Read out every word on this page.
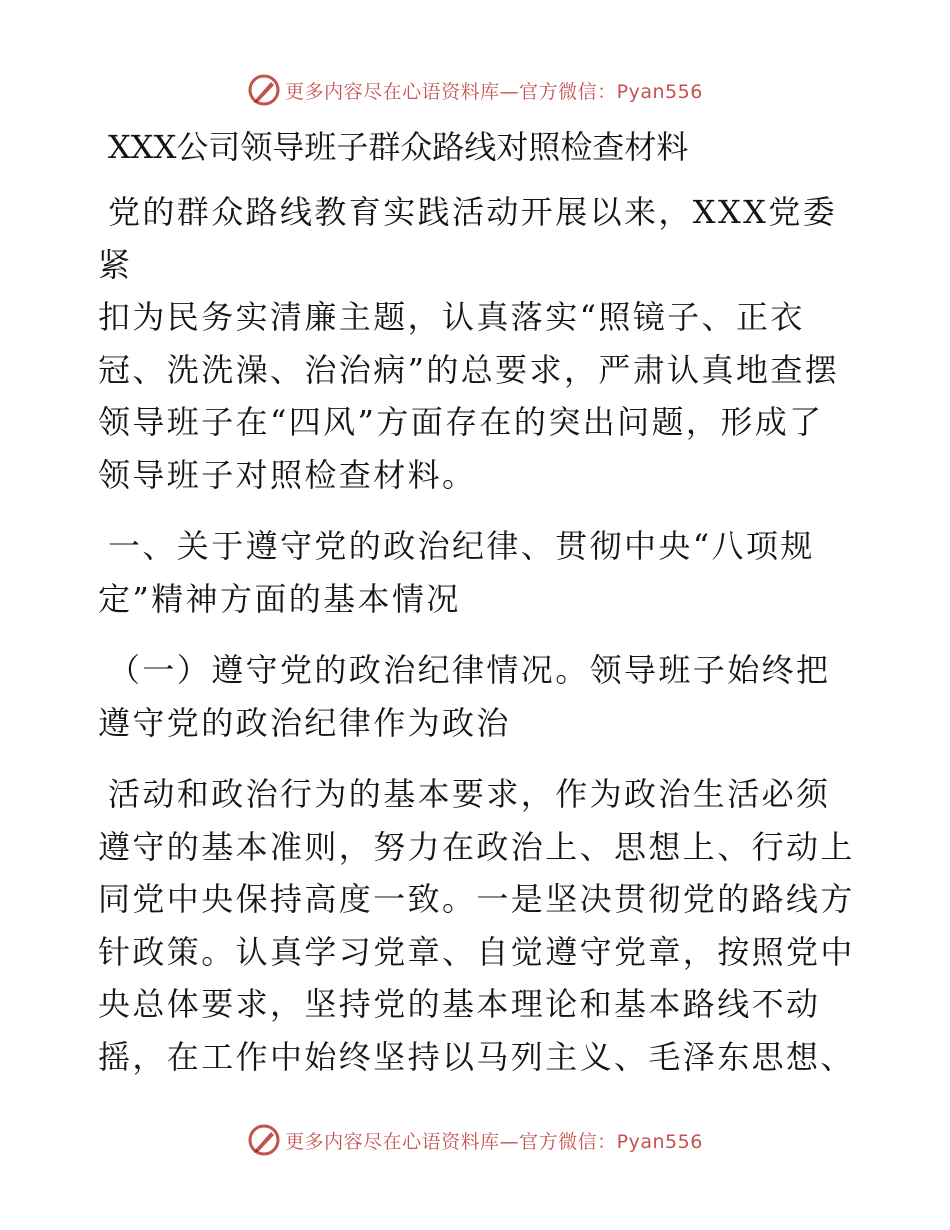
更多内容尽在心语资料库—官方微信：Pyan556
XXX公司领导班子群众路线对照检查材料

党的群众路线教育实践活动开展以来，XXX党委紧
扣为民务实清廉主题，认真落实“照镜子、正衣
冠、洗洗澡、治治病”的总要求，严肃认真地查摆
领导班子在“四风”方面存在的突出问题，形成了
领导班子对照检查材料。

一、关于遵守党的政治纪律、贯彻中央“八项规
定”精神方面的基本情况

（一）遵守党的政治纪律情况。领导班子始终把
遵守党的政治纪律作为政治

活动和政治行为的基本要求，作为政治生活必须
遵守的基本准则，努力在政治上、思想上、行动上
同党中央保持高度一致。一是坚决贯彻党的路线方
针政策。认真学习党章、自觉遵守党章，按照党中
央总体要求，坚持党的基本理论和基本路线不动
摇，在工作中始终坚持以马列主义、毛泽东思想、

更多内容尽在心语资料库—官方微信：Pyan556
